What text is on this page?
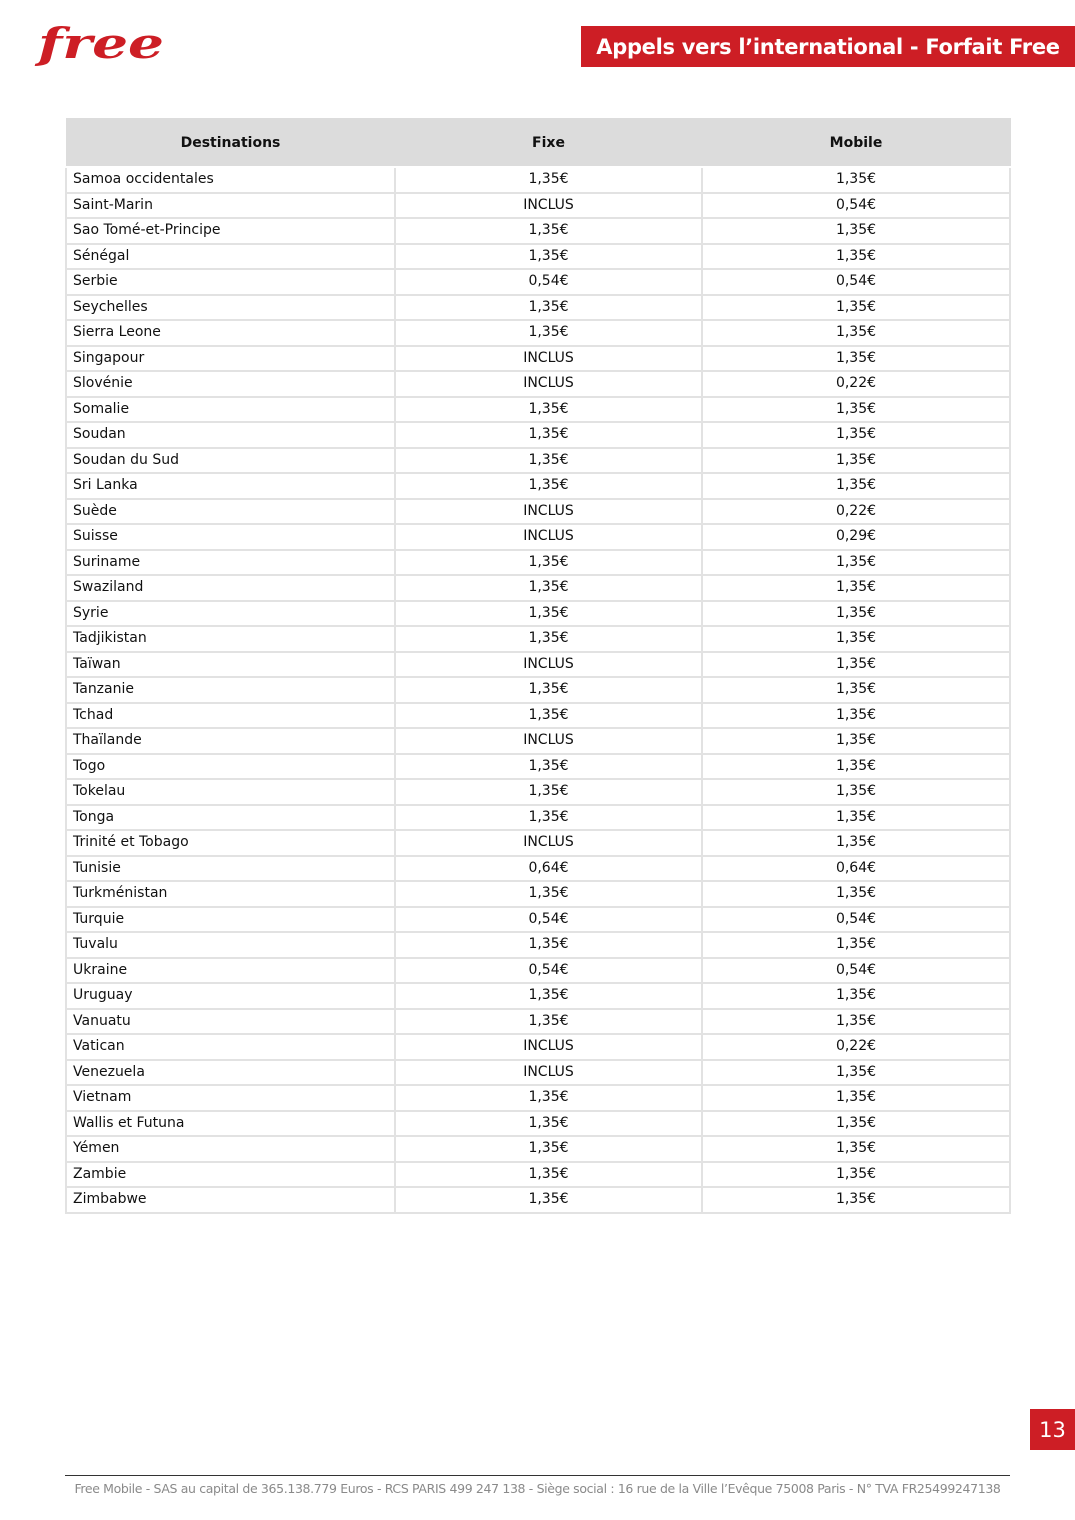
free	Appels vers l’international - Forfait Free
Destinations	Fixe	Mobile
Samoa occidentales	1,35€	1,35€
Saint-Marin	INCLUS	0,54€
Sao Tomé-et-Principe	1,35€	1,35€
Sénégal	1,35€	1,35€
Serbie	0,54€	0,54€
Seychelles	1,35€	1,35€
Sierra Leone	1,35€	1,35€
Singapour	INCLUS	1,35€
Slovénie	INCLUS	0,22€
Somalie	1,35€	1,35€
Soudan	1,35€	1,35€
Soudan du Sud	1,35€	1,35€
Sri Lanka	1,35€	1,35€
Suède	INCLUS	0,22€
Suisse	INCLUS	0,29€
Suriname	1,35€	1,35€
Swaziland	1,35€	1,35€
Syrie	1,35€	1,35€
Tadjikistan	1,35€	1,35€
Taïwan	INCLUS	1,35€
Tanzanie	1,35€	1,35€
Tchad	1,35€	1,35€
Thaïlande	INCLUS	1,35€
Togo	1,35€	1,35€
Tokelau	1,35€	1,35€
Tonga	1,35€	1,35€
Trinité et Tobago	INCLUS	1,35€
Tunisie	0,64€	0,64€
Turkménistan	1,35€	1,35€
Turquie	0,54€	0,54€
Tuvalu	1,35€	1,35€
Ukraine	0,54€	0,54€
Uruguay	1,35€	1,35€
Vanuatu	1,35€	1,35€
Vatican	INCLUS	0,22€
Venezuela	INCLUS	1,35€
Vietnam	1,35€	1,35€
Wallis et Futuna	1,35€	1,35€
Yémen	1,35€	1,35€
Zambie	1,35€	1,35€
Zimbabwe	1,35€	1,35€
13
Free Mobile - SAS au capital de 365.138.779 Euros - RCS PARIS 499 247 138 - Siège social : 16 rue de la Ville l’Evêque 75008 Paris - N° TVA FR25499247138
